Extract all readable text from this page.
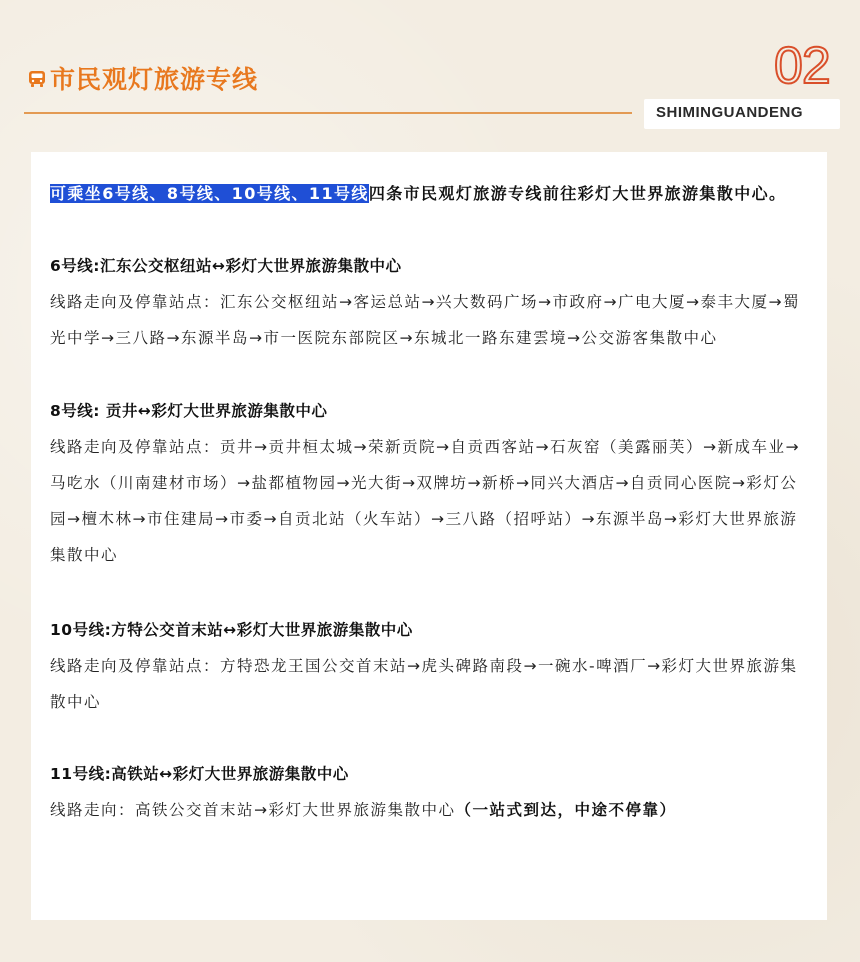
市民观灯旅游专线	02
SHIMINGUANDENG
可乘坐6号线、8号线、10号线、11号线四条市民观灯旅游专线前往彩灯大世界旅游集散中心。
6号线:汇东公交枢纽站↔彩灯大世界旅游集散中心
线路走向及停靠站点：汇东公交枢纽站→客运总站→兴大数码广场→市政府→广电大厦→泰丰大厦→蜀光中学→三八路→东源半岛→市一医院东部院区→东城北一路东建雲境→公交游客集散中心
8号线: 贡井↔彩灯大世界旅游集散中心
线路走向及停靠站点：贡井→贡井桓太城→荣新贡院→自贡西客站→石灰窑（美露丽芙）→新成车业→马吃水（川南建材市场）→盐都植物园→光大街→双牌坊→新桥→同兴大酒店→自贡同心医院→彩灯公园→檀木林→市住建局→市委→自贡北站（火车站）→三八路（招呼站）→东源半岛→彩灯大世界旅游集散中心
10号线:方特公交首末站↔彩灯大世界旅游集散中心
线路走向及停靠站点：方特恐龙王国公交首末站→虎头碑路南段→一碗水-啤酒厂→彩灯大世界旅游集散中心
11号线:高铁站↔彩灯大世界旅游集散中心
线路走向：高铁公交首末站→彩灯大世界旅游集散中心（一站式到达，中途不停靠）
